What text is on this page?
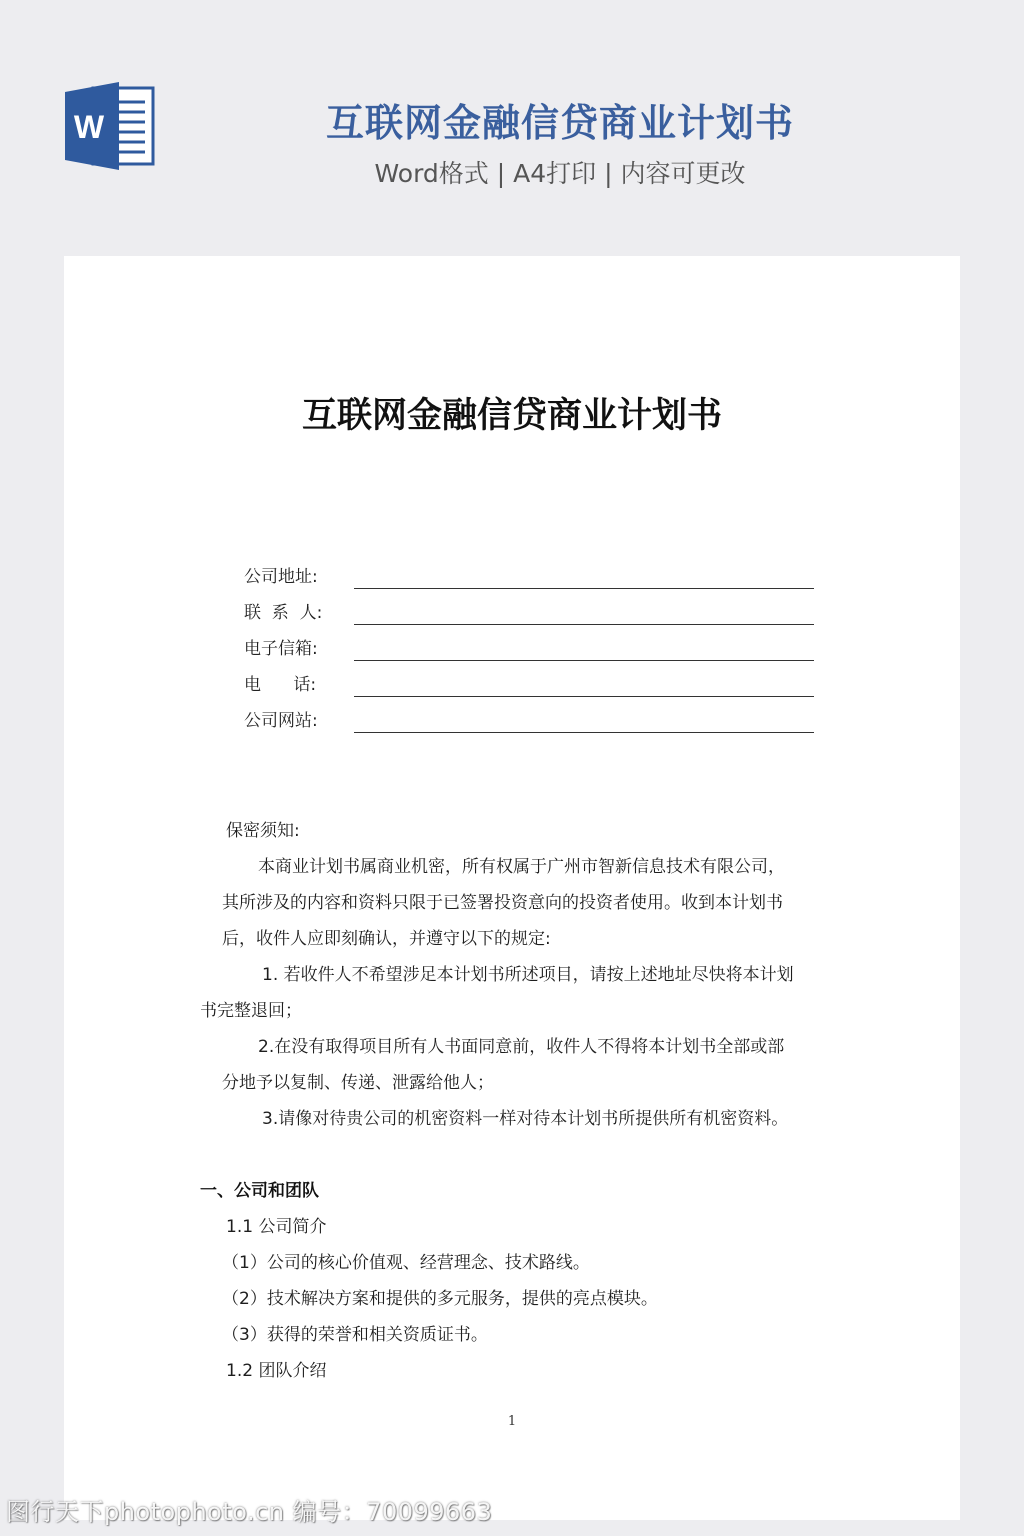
W	互联网金融信贷商业计划书
Word格式 | A4打印 | 内容可更改
互联网金融信贷商业计划书
公司地址:
联  系  人:
电子信箱:
电      话:
公司网站:
保密须知:
本商业计划书属商业机密，所有权属于广州市智新信息技术有限公司，
其所涉及的内容和资料只限于已签署投资意向的投资者使用。收到本计划书
后，收件人应即刻确认，并遵守以下的规定:
1. 若收件人不希望涉足本计划书所述项目，请按上述地址尽快将本计划
书完整退回；
2.在没有取得项目所有人书面同意前，收件人不得将本计划书全部或部
分地予以复制、传递、泄露给他人；
3.请像对待贵公司的机密资料一样对待本计划书所提供所有机密资料。
一、公司和团队
1.1 公司简介
（1）公司的核心价值观、经营理念、技术路线。
（2）技术解决方案和提供的多元服务，提供的亮点模块。
（3）获得的荣誉和相关资质证书。
1.2 团队介绍
1
图行天下photophoto.cn 编号：70099663
